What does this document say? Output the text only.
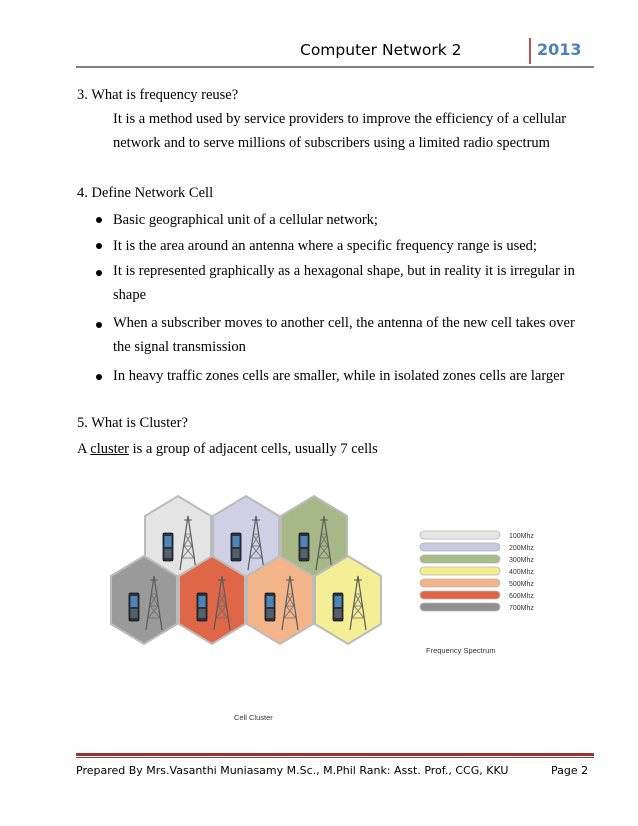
Computer Network 2	2013
3. What is frequency reuse?
It is a method used by service providers to improve the efficiency of a cellular
network and to serve millions of subscribers using a limited radio spectrum
4. Define Network Cell
Basic geographical unit of a cellular network;
It is the area around an antenna where a specific frequency range is used;
It is represented graphically as a hexagonal shape, but in reality it is irregular in
shape
When a subscriber moves to another cell, the antenna of the new cell takes over
the signal transmission
In heavy traffic zones cells are smaller, while in isolated zones cells are larger
5. What is Cluster?
A cluster is a group of adjacent cells, usually 7 cells
100Mhz
200Mhz
300Mhz
400Mhz
500Mhz
600Mhz
700Mhz
Frequency Spectrum
Cell Cluster
Prepared By Mrs.Vasanthi Muniasamy M.Sc., M.Phil Rank: Asst. Prof., CCG, KKU	Page 2
